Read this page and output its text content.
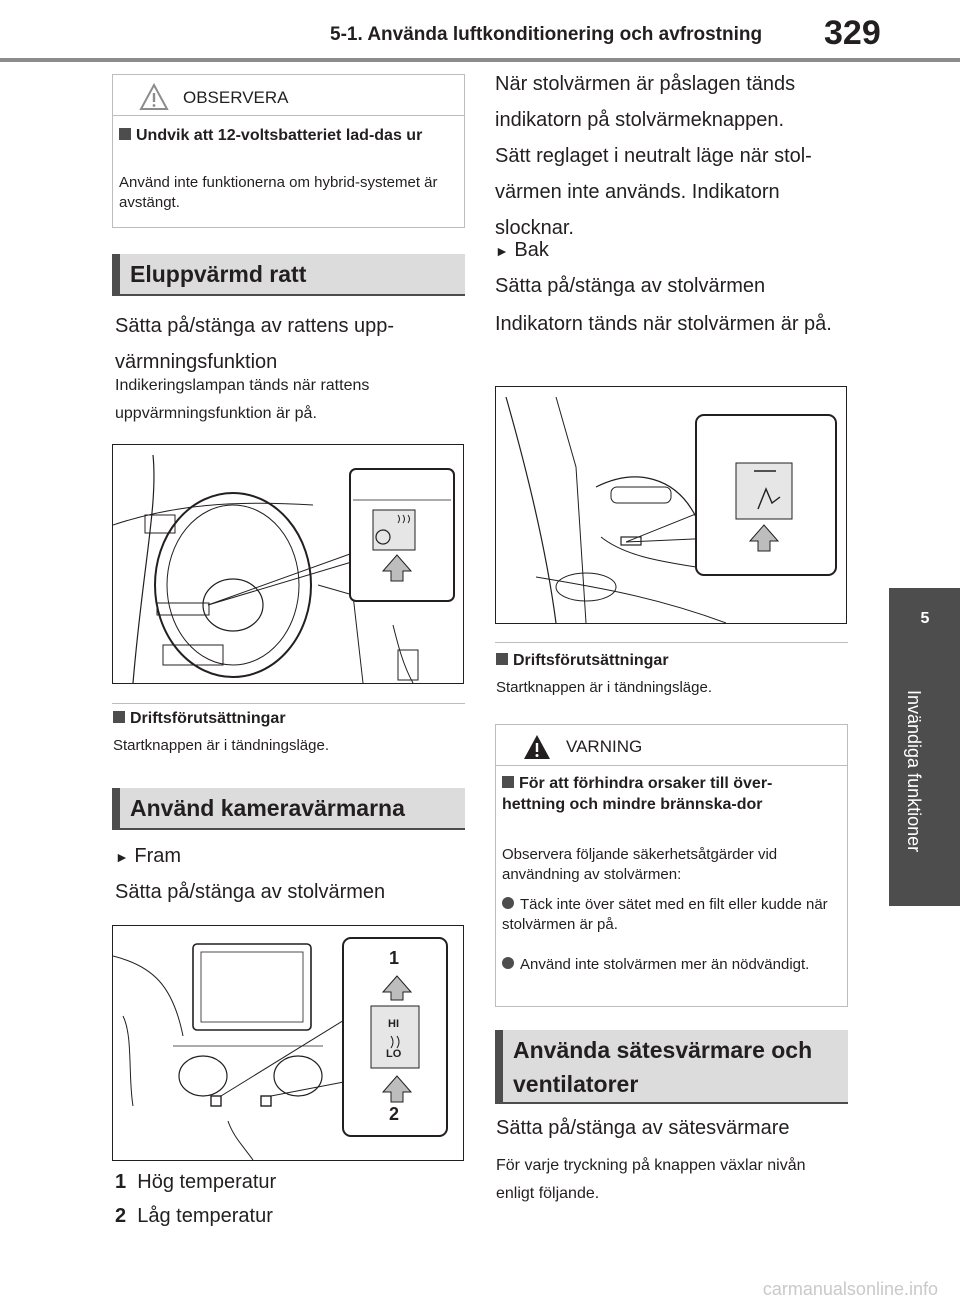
5-1. Använda luftkonditionering och avfrostning 329
5
Invändiga funktioner
OBSERVERA
Undvik att 12-voltsbatteriet lad-das ur
Använd inte funktionerna om hybrid-systemet är avstängt.
Eluppvärmd ratt
Sätta på/stänga av rattens upp-värmningsfunktion
Indikeringslampan tänds när rattens uppvärmningsfunktion är på.
Driftsförutsättningar
Startknappen är i tändningsläge.
Använd kameravärmarna
► Fram
Sätta på/stänga av stolvärmen
1
2
HI
LO
1 Hög temperatur
2 Låg temperatur
När stolvärmen är påslagen tänds indikatorn på stolvärmeknappen.
Sätt reglaget i neutralt läge när stol-värmen inte används. Indikatorn slocknar.
► Bak
Sätta på/stänga av stolvärmen
Indikatorn tänds när stolvärmen är på.
Driftsförutsättningar
Startknappen är i tändningsläge.
VARNING
För att förhindra orsaker till över-hettning och mindre brännska-dor
Observera följande säkerhetsåtgärder vid användning av stolvärmen:
Täck inte över sätet med en filt eller kudde när stolvärmen är på.
Använd inte stolvärmen mer än nödvändigt.
Använda sätesvärmare och ventilatorer
Sätta på/stänga av sätesvärmare
För varje tryckning på knappen växlar nivån enligt följande.
carmanualsonline.info
